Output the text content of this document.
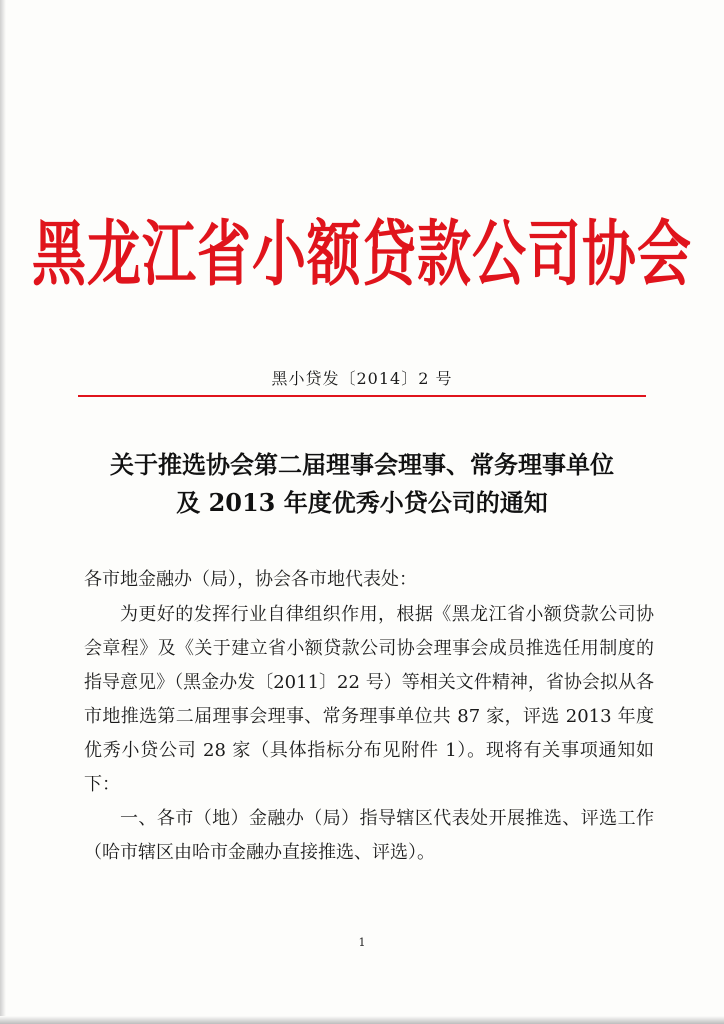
黑龙江省小额贷款公司协会
黑小贷发〔2014〕2 号
关于推选协会第二届理事会理事、常务理事单位
及 2013 年度优秀小贷公司的通知

各市地金融办（局），协会各市地代表处：

为更好的发挥行业自律组织作用，根据《黑龙江省小额贷款公司协会章程》及《关于建立省小额贷款公司协会理事会成员推选任用制度的指导意见》（黑金办发〔2011〕22 号）等相关文件精神，省协会拟从各市地推选第二届理事会理事、常务理事单位共 87 家，评选 2013 年度优秀小贷公司 28 家（具体指标分布见附件 1）。现将有关事项通知如下：

一、各市（地）金融办（局）指导辖区代表处开展推选、评选工作（哈市辖区由哈市金融办直接推选、评选）。

1
